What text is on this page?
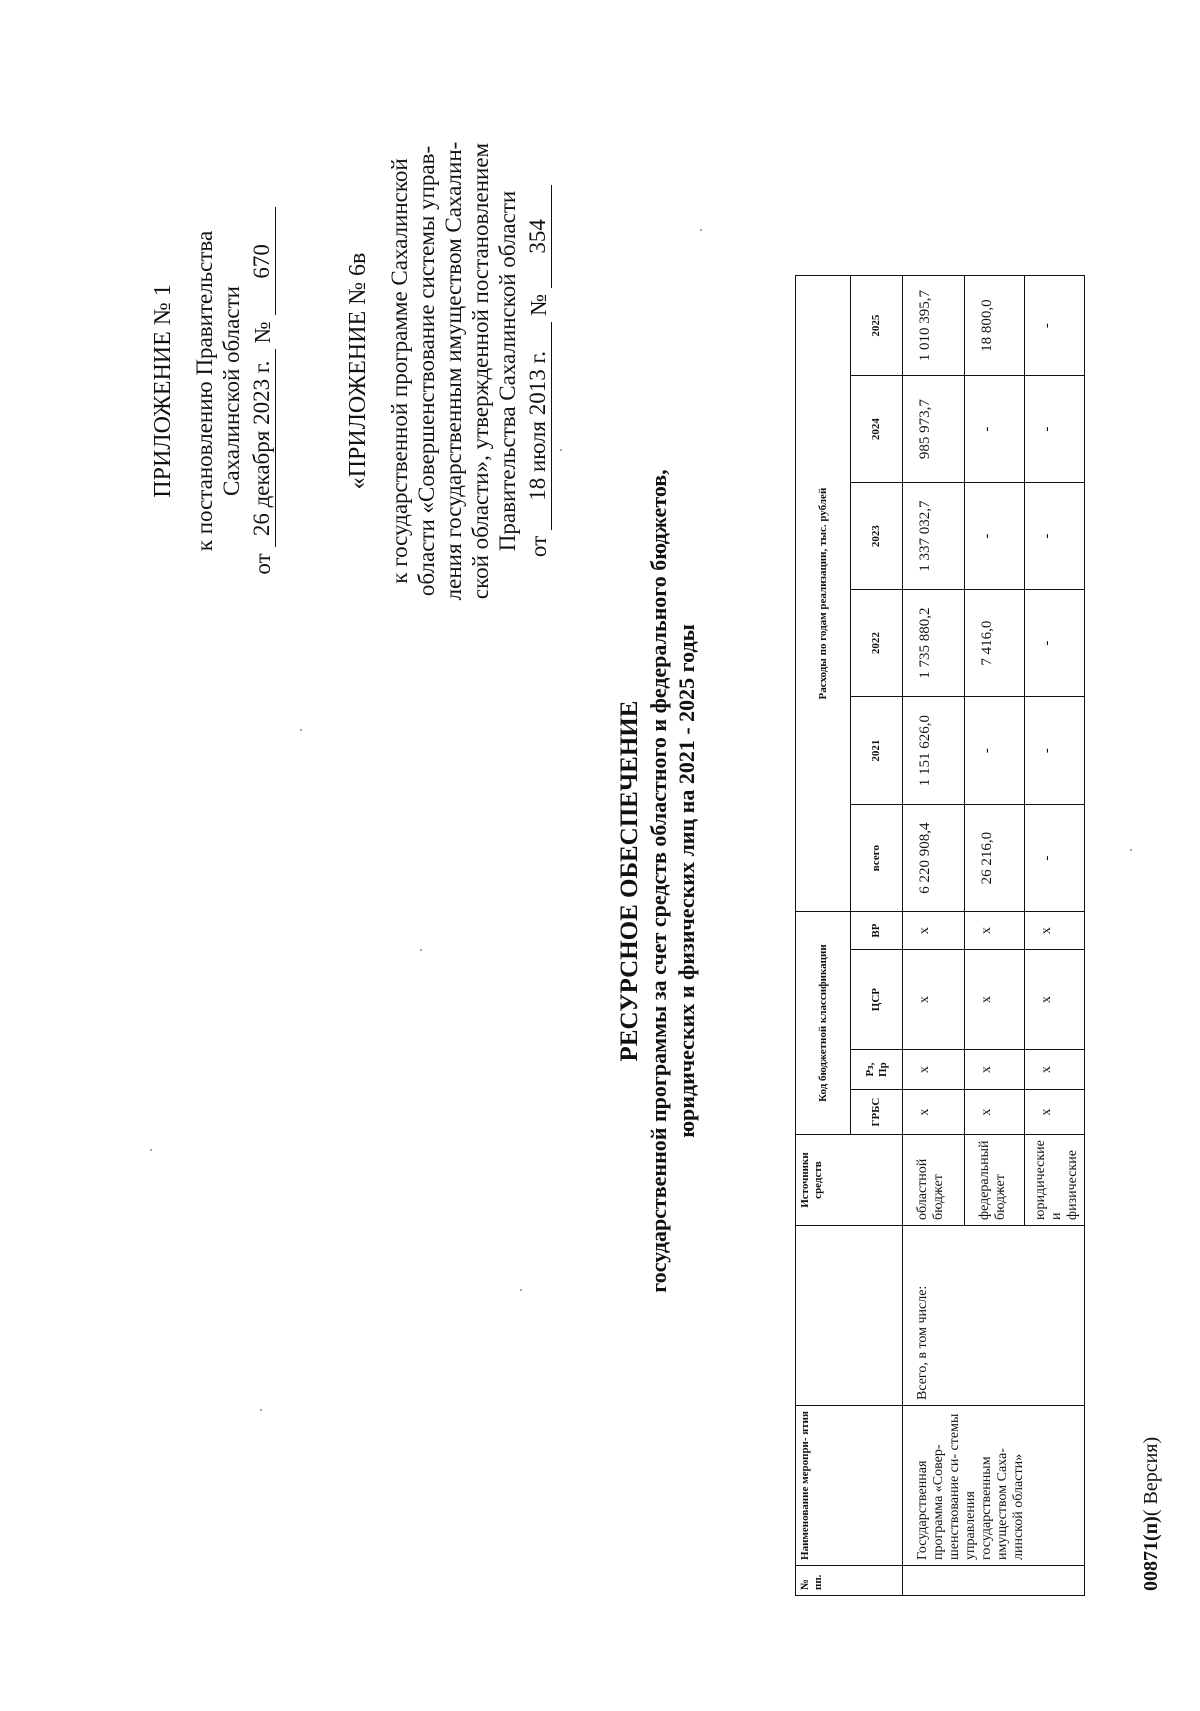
ПРИЛОЖЕНИЕ № 1 к постановлению Правительства Сахалинской области
от
26 декабря 2023 г.
№
670	«ПРИЛОЖЕНИЕ № 6в к государственной программе Сахалинской области «Совершенствование системы управ- ления государственным имуществом Сахалин- ской области», утвержденной постановлением Правительства Сахалинской области от
18 июля 2013 г.
№
354
РЕСУРСНОЕ ОБЕСПЕЧЕНИЕ государственной программы за счет средств областного и федерального бюджетов, юридических и физических лиц на 2021 - 2025 годы
№ пп.	Наименование меропри- ятия		Источники средств	Код бюджетной классификации				Расходы по годам реализации, тыс. рублей					
				ГРБС	Рз, Пр	ЦСР	ВР	всего	2021	2022	2023	2024	2025
	Государственная программа «Совер- шенствование си- стемы управления государственным имуществом Саха- линской области»	Всего, в том числе:	областной бюджет	х	х	х	х	6 220 908,4	1 151 626,0	1 735 880,2	1 337 032,7	985 973,7	1 010 395,7
			федеральный бюджет	х	х	х	х	26 216,0	-	7 416,0	-	-	18 800,0
			юридические и физические	х	х	х	х	-	-	-	-	-	-
00871(п)( Версия)
